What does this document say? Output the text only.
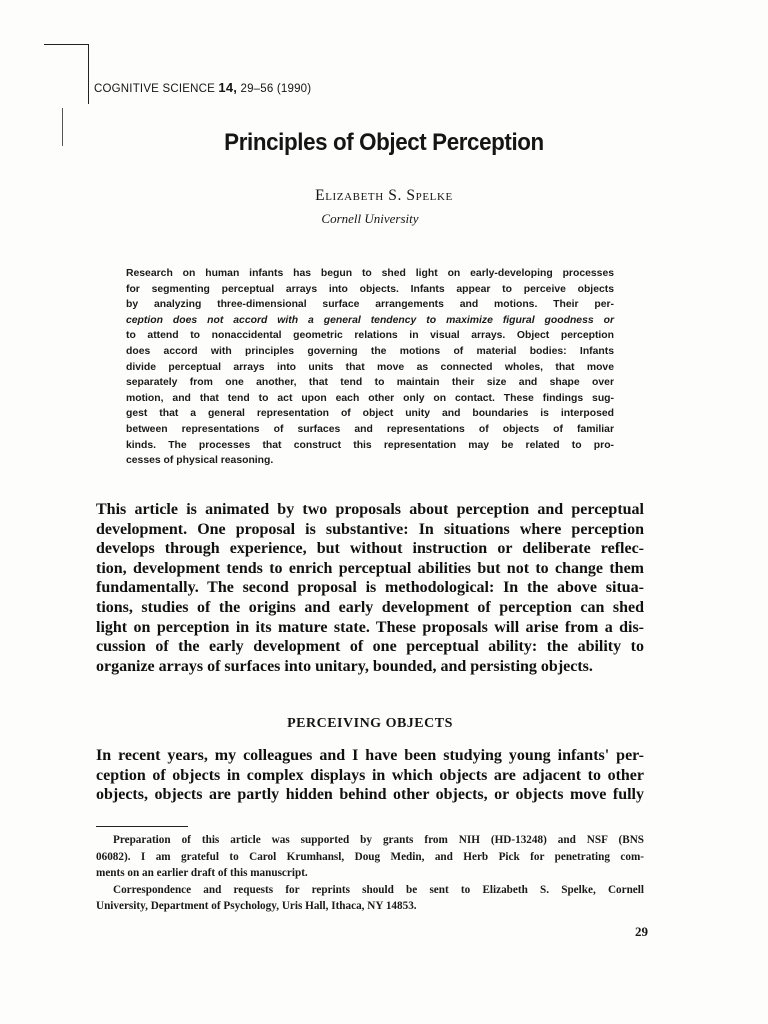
COGNITIVE SCIENCE 14, 29–56 (1990)
Principles of Object Perception
Elizabeth S. Spelke
Cornell University
Research on human infants has begun to shed light on early-developing processes
for segmenting perceptual arrays into objects. Infants appear to perceive objects
by analyzing three-dimensional surface arrangements and motions. Their per-
ception does not accord with a general tendency to maximize figural goodness or
to attend to nonaccidental geometric relations in visual arrays. Object perception
does accord with principles governing the motions of material bodies: Infants
divide perceptual arrays into units that move as connected wholes, that move
separately from one another, that tend to maintain their size and shape over
motion, and that tend to act upon each other only on contact. These findings sug-
gest that a general representation of object unity and boundaries is interposed
between representations of surfaces and representations of objects of familiar
kinds. The processes that construct this representation may be related to pro-
cesses of physical reasoning.
This article is animated by two proposals about perception and perceptual
development. One proposal is substantive: In situations where perception
develops through experience, but without instruction or deliberate reflec-
tion, development tends to enrich perceptual abilities but not to change them
fundamentally. The second proposal is methodological: In the above situa-
tions, studies of the origins and early development of perception can shed
light on perception in its mature state. These proposals will arise from a dis-
cussion of the early development of one perceptual ability: the ability to
organize arrays of surfaces into unitary, bounded, and persisting objects.
PERCEIVING OBJECTS
In recent years, my colleagues and I have been studying young infants' per-
ception of objects in complex displays in which objects are adjacent to other
objects, objects are partly hidden behind other objects, or objects move fully
Preparation of this article was supported by grants from NIH (HD-13248) and NSF (BNS
06082). I am grateful to Carol Krumhansl, Doug Medin, and Herb Pick for penetrating com-
ments on an earlier draft of this manuscript.
Correspondence and requests for reprints should be sent to Elizabeth S. Spelke, Cornell
University, Department of Psychology, Uris Hall, Ithaca, NY 14853.
29
